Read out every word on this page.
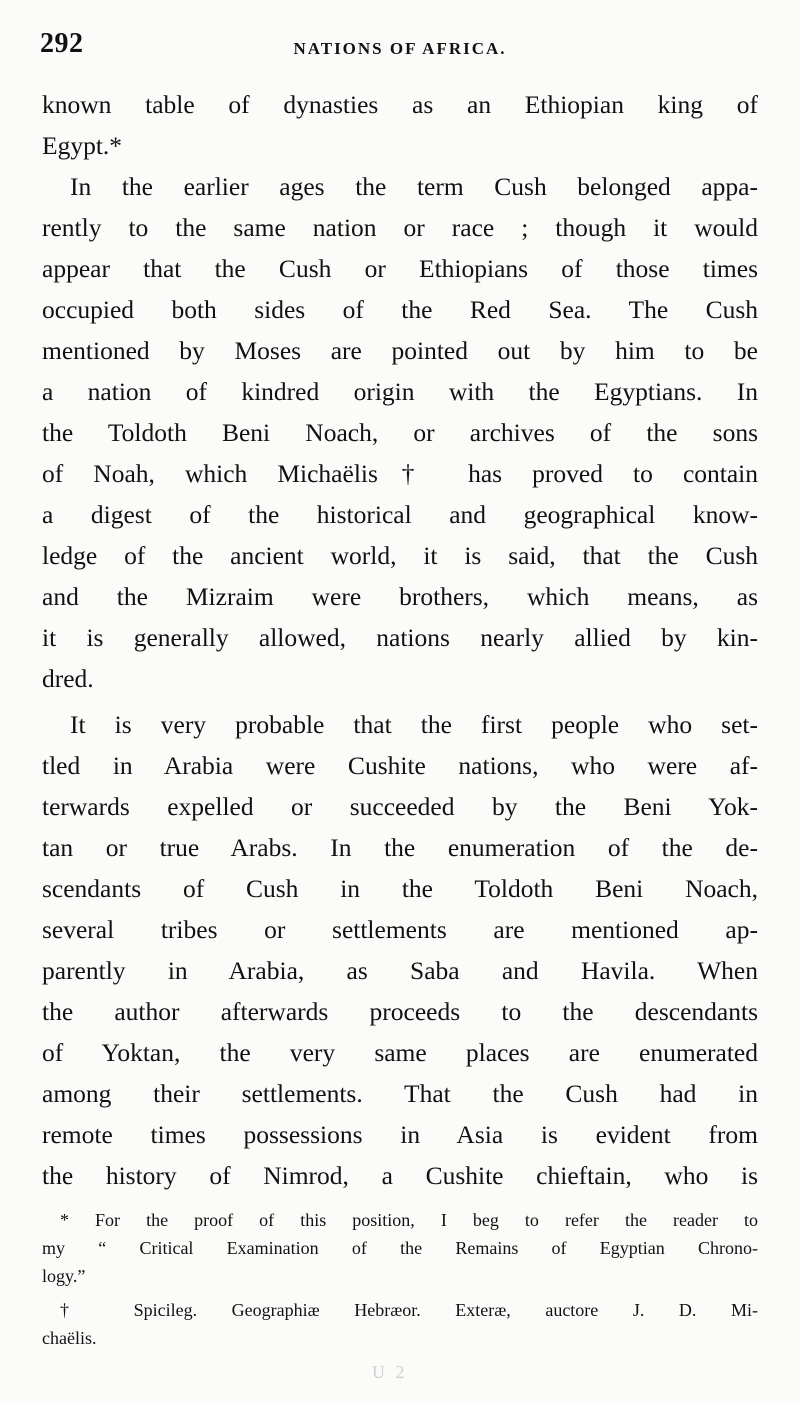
292	NATIONS OF AFRICA.
known table of dynasties as an Ethiopian king of
Egypt.*
In the earlier ages the term Cush belonged appa-
rently to the same nation or race ; though it would
appear that the Cush or Ethiopians of those times
occupied both sides of the Red Sea. The Cush
mentioned by Moses are pointed out by him to be
a nation of kindred origin with the Egyptians. In
the Toldoth Beni Noach, or archives of the sons
of Noah, which Michaëlis† has proved to contain
a digest of the historical and geographical know-
ledge of the ancient world, it is said, that the Cush
and the Mizraim were brothers, which means, as
it is generally allowed, nations nearly allied by kin-
dred.
It is very probable that the first people who set-
tled in Arabia were Cushite nations, who were af-
terwards expelled or succeeded by the Beni Yok-
tan or true Arabs. In the enumeration of the de-
scendants of Cush in the Toldoth Beni Noach,
several tribes or settlements are mentioned ap-
parently in Arabia, as Saba and Havila. When
the author afterwards proceeds to the descendants
of Yoktan, the very same places are enumerated
among their settlements. That the Cush had in
remote times possessions in Asia is evident from
the history of Nimrod, a Cushite chieftain, who is
* For the proof of this position, I beg to refer the reader to
my “ Critical Examination of the Remains of Egyptian Chrono-
logy.”
† Spicileg. Geographiæ Hebræor. Exteræ, auctore J. D. Mi-
chaëlis.
U 2
